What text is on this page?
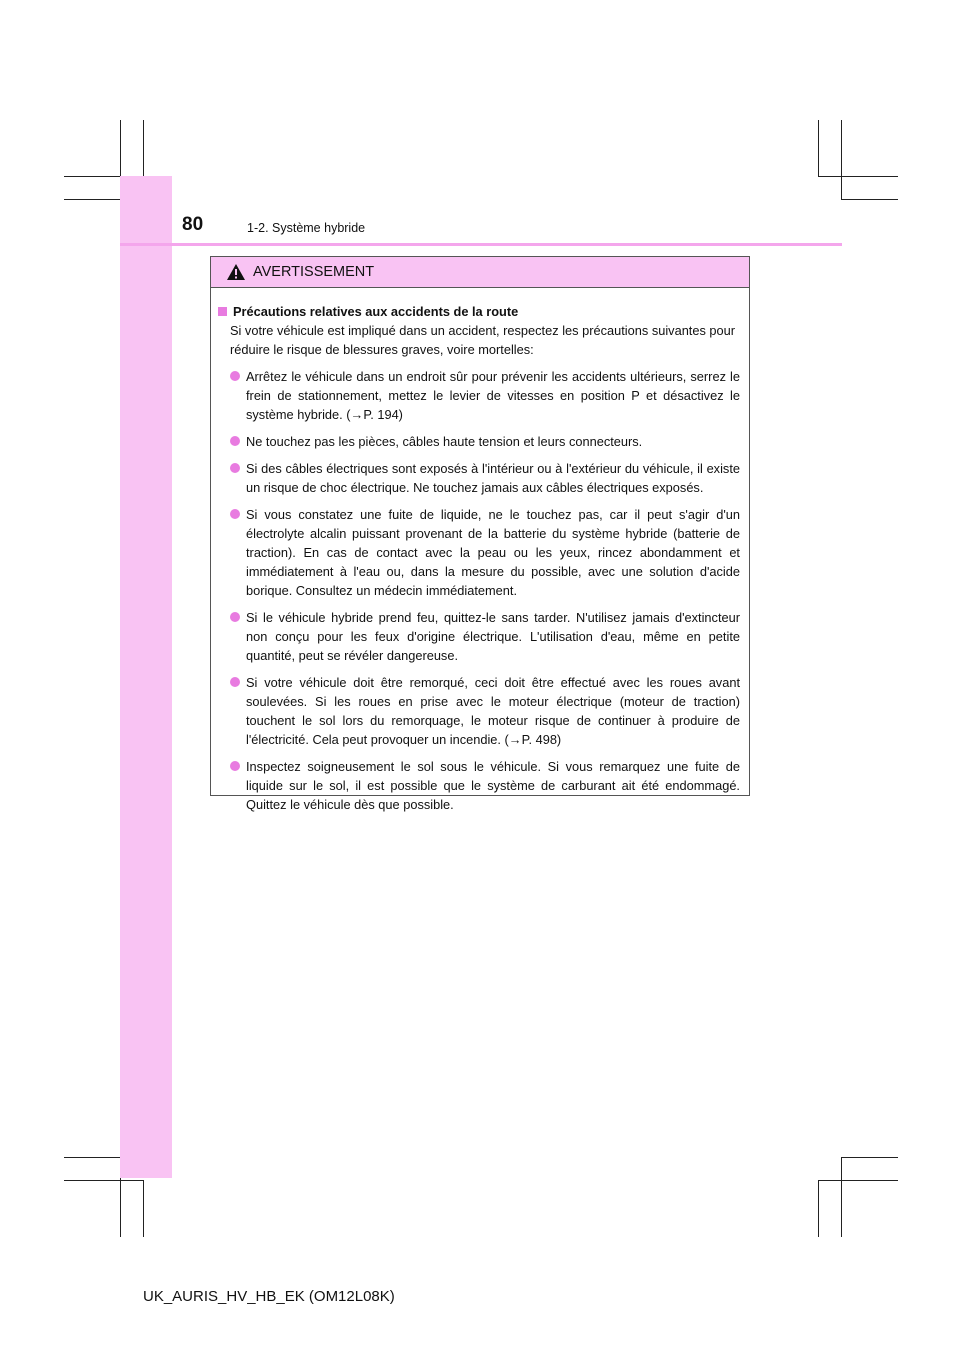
80	1-2. Système hybride
AVERTISSEMENT
Précautions relatives aux accidents de la route
Si votre véhicule est impliqué dans un accident, respectez les précautions suivantes pour réduire le risque de blessures graves, voire mortelles:
Arrêtez le véhicule dans un endroit sûr pour prévenir les accidents ultérieurs, serrez le frein de stationnement, mettez le levier de vitesses en position P et désactivez le système hybride. (→P. 194)
Ne touchez pas les pièces, câbles haute tension et leurs connecteurs.
Si des câbles électriques sont exposés à l'intérieur ou à l'extérieur du véhicule, il existe un risque de choc électrique. Ne touchez jamais aux câbles électriques exposés.
Si vous constatez une fuite de liquide, ne le touchez pas, car il peut s'agir d'un électrolyte alcalin puissant provenant de la batterie du système hybride (batterie de traction). En cas de contact avec la peau ou les yeux, rincez abondamment et immédiatement à l'eau ou, dans la mesure du possible, avec une solution d'acide borique. Consultez un médecin immédiatement.
Si le véhicule hybride prend feu, quittez-le sans tarder. N'utilisez jamais d'extincteur non conçu pour les feux d'origine électrique. L'utilisation d'eau, même en petite quantité, peut se révéler dangereuse.
Si votre véhicule doit être remorqué, ceci doit être effectué avec les roues avant soulevées. Si les roues en prise avec le moteur électrique (moteur de traction) touchent le sol lors du remorquage, le moteur risque de continuer à produire de l'électricité. Cela peut provoquer un incendie. (→P. 498)
Inspectez soigneusement le sol sous le véhicule. Si vous remarquez une fuite de liquide sur le sol, il est possible que le système de carburant ait été endommagé. Quittez le véhicule dès que possible.
UK_AURIS_HV_HB_EK (OM12L08K)
